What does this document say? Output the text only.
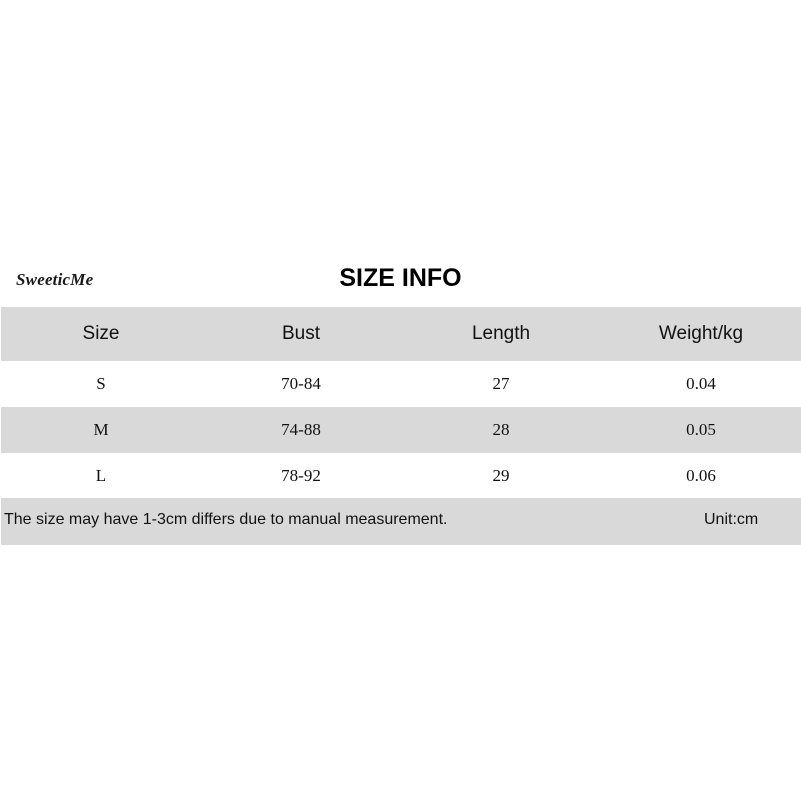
SweeticMe	SIZE INFO
Size	Bust	Length	Weight/kg
S	70-84	27	0.04
M	74-88	28	0.05
L	78-92	29	0.06
The size may have 1-3cm differs due to manual measurement.	Unit:cm
